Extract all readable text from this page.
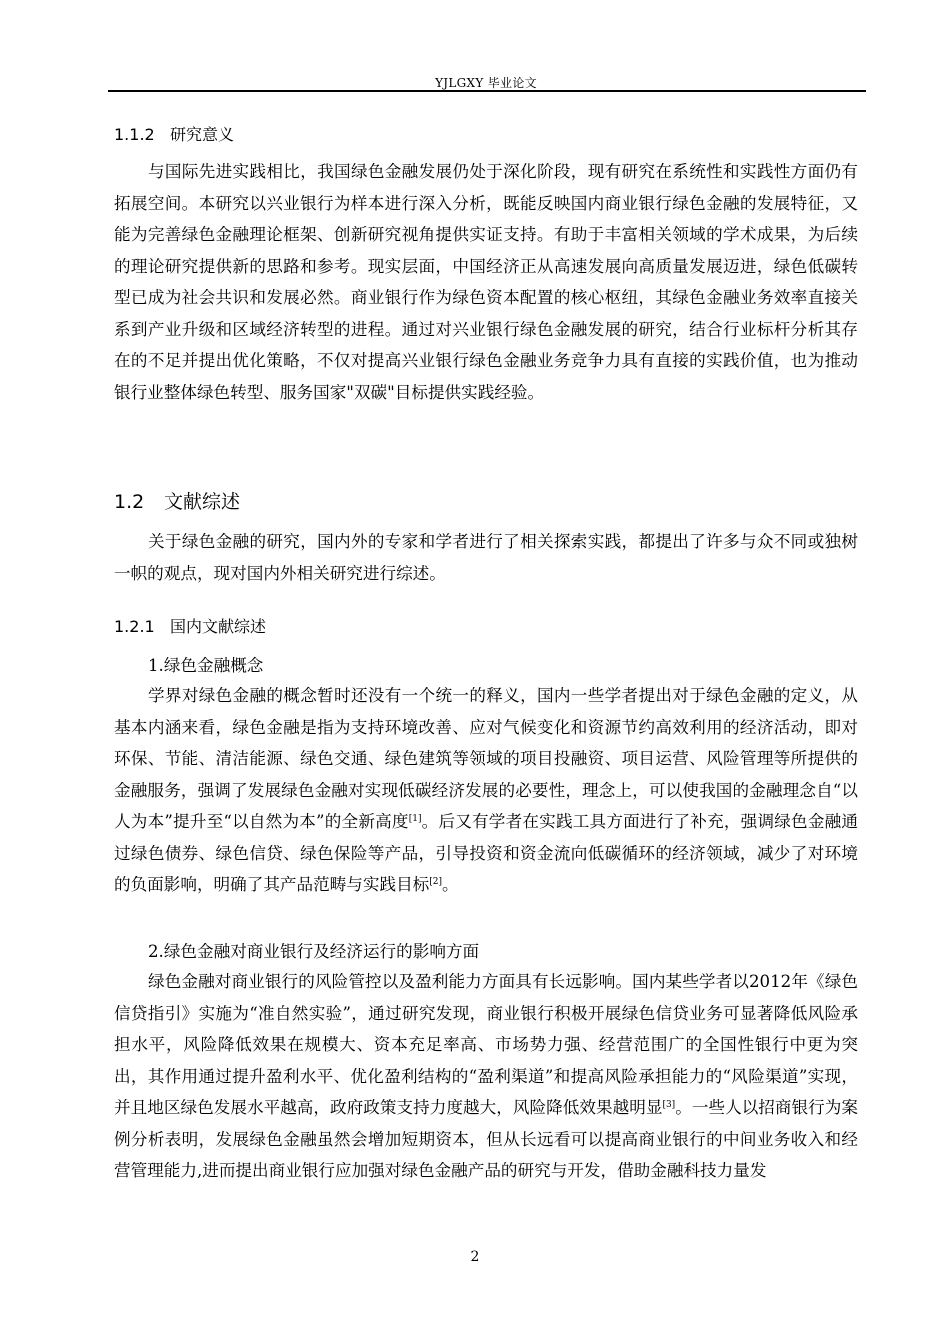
YJLGXY 毕业论文
1.1.2 研究意义

与国际先进实践相比，我国绿色金融发展仍处于深化阶段，现有研究在系统性和实践性方面仍有拓展空间。本研究以兴业银行为样本进行深入分析，既能反映国内商业银行绿色金融的发展特征，又能为完善绿色金融理论框架、创新研究视角提供实证支持。有助于丰富相关领域的学术成果，为后续的理论研究提供新的思路和参考。现实层面，中国经济正从高速发展向高质量发展迈进，绿色低碳转型已成为社会共识和发展必然。商业银行作为绿色资本配置的核心枢纽，其绿色金融业务效率直接关系到产业升级和区域经济转型的进程。通过对兴业银行绿色金融发展的研究，结合行业标杆分析其存在的不足并提出优化策略，不仅对提高兴业银行绿色金融业务竞争力具有直接的实践价值，也为推动银行业整体绿色转型、服务国家"双碳"目标提供实践经验。

1.2 文献综述

关于绿色金融的研究，国内外的专家和学者进行了相关探索实践，都提出了许多与众不同或独树一帜的观点，现对国内外相关研究进行综述。

1.2.1 国内文献综述
1.绿色金融概念

学界对绿色金融的概念暂时还没有一个统一的释义，国内一些学者提出对于绿色金融的定义，从基本内涵来看，绿色金融是指为支持环境改善、应对气候变化和资源节约高效利用的经济活动，即对环保、节能、清洁能源、绿色交通、绿色建筑等领域的项目投融资、项目运营、风险管理等所提供的金融服务，强调了发展绿色金融对实现低碳经济发展的必要性，理念上，可以使我国的金融理念自“以人为本”提升至“以自然为本”的全新高度[1]。后又有学者在实践工具方面进行了补充，强调绿色金融通过绿色债券、绿色信贷、绿色保险等产品，引导投资和资金流向低碳循环的经济领域，减少了对环境的负面影响，明确了其产品范畴与实践目标[2]。

2.绿色金融对商业银行及经济运行的影响方面

绿色金融对商业银行的风险管控以及盈利能力方面具有长远影响。国内某些学者以2012年《绿色信贷指引》实施为“准自然实验”，通过研究发现，商业银行积极开展绿色信贷业务可显著降低风险承担水平，风险降低效果在规模大、资本充足率高、市场势力强、经营范围广的全国性银行中更为突出，其作用通过提升盈利水平、优化盈利结构的“盈利渠道”和提高风险承担能力的“风险渠道”实现，并且地区绿色发展水平越高，政府政策支持力度越大，风险降低效果越明显[3]。一些人以招商银行为案例分析表明，发展绿色金融虽然会增加短期资本，但从长远看可以提高商业银行的中间业务收入和经营管理能力,进而提出商业银行应加强对绿色金融产品的研究与开发，借助金融科技力量发

2
